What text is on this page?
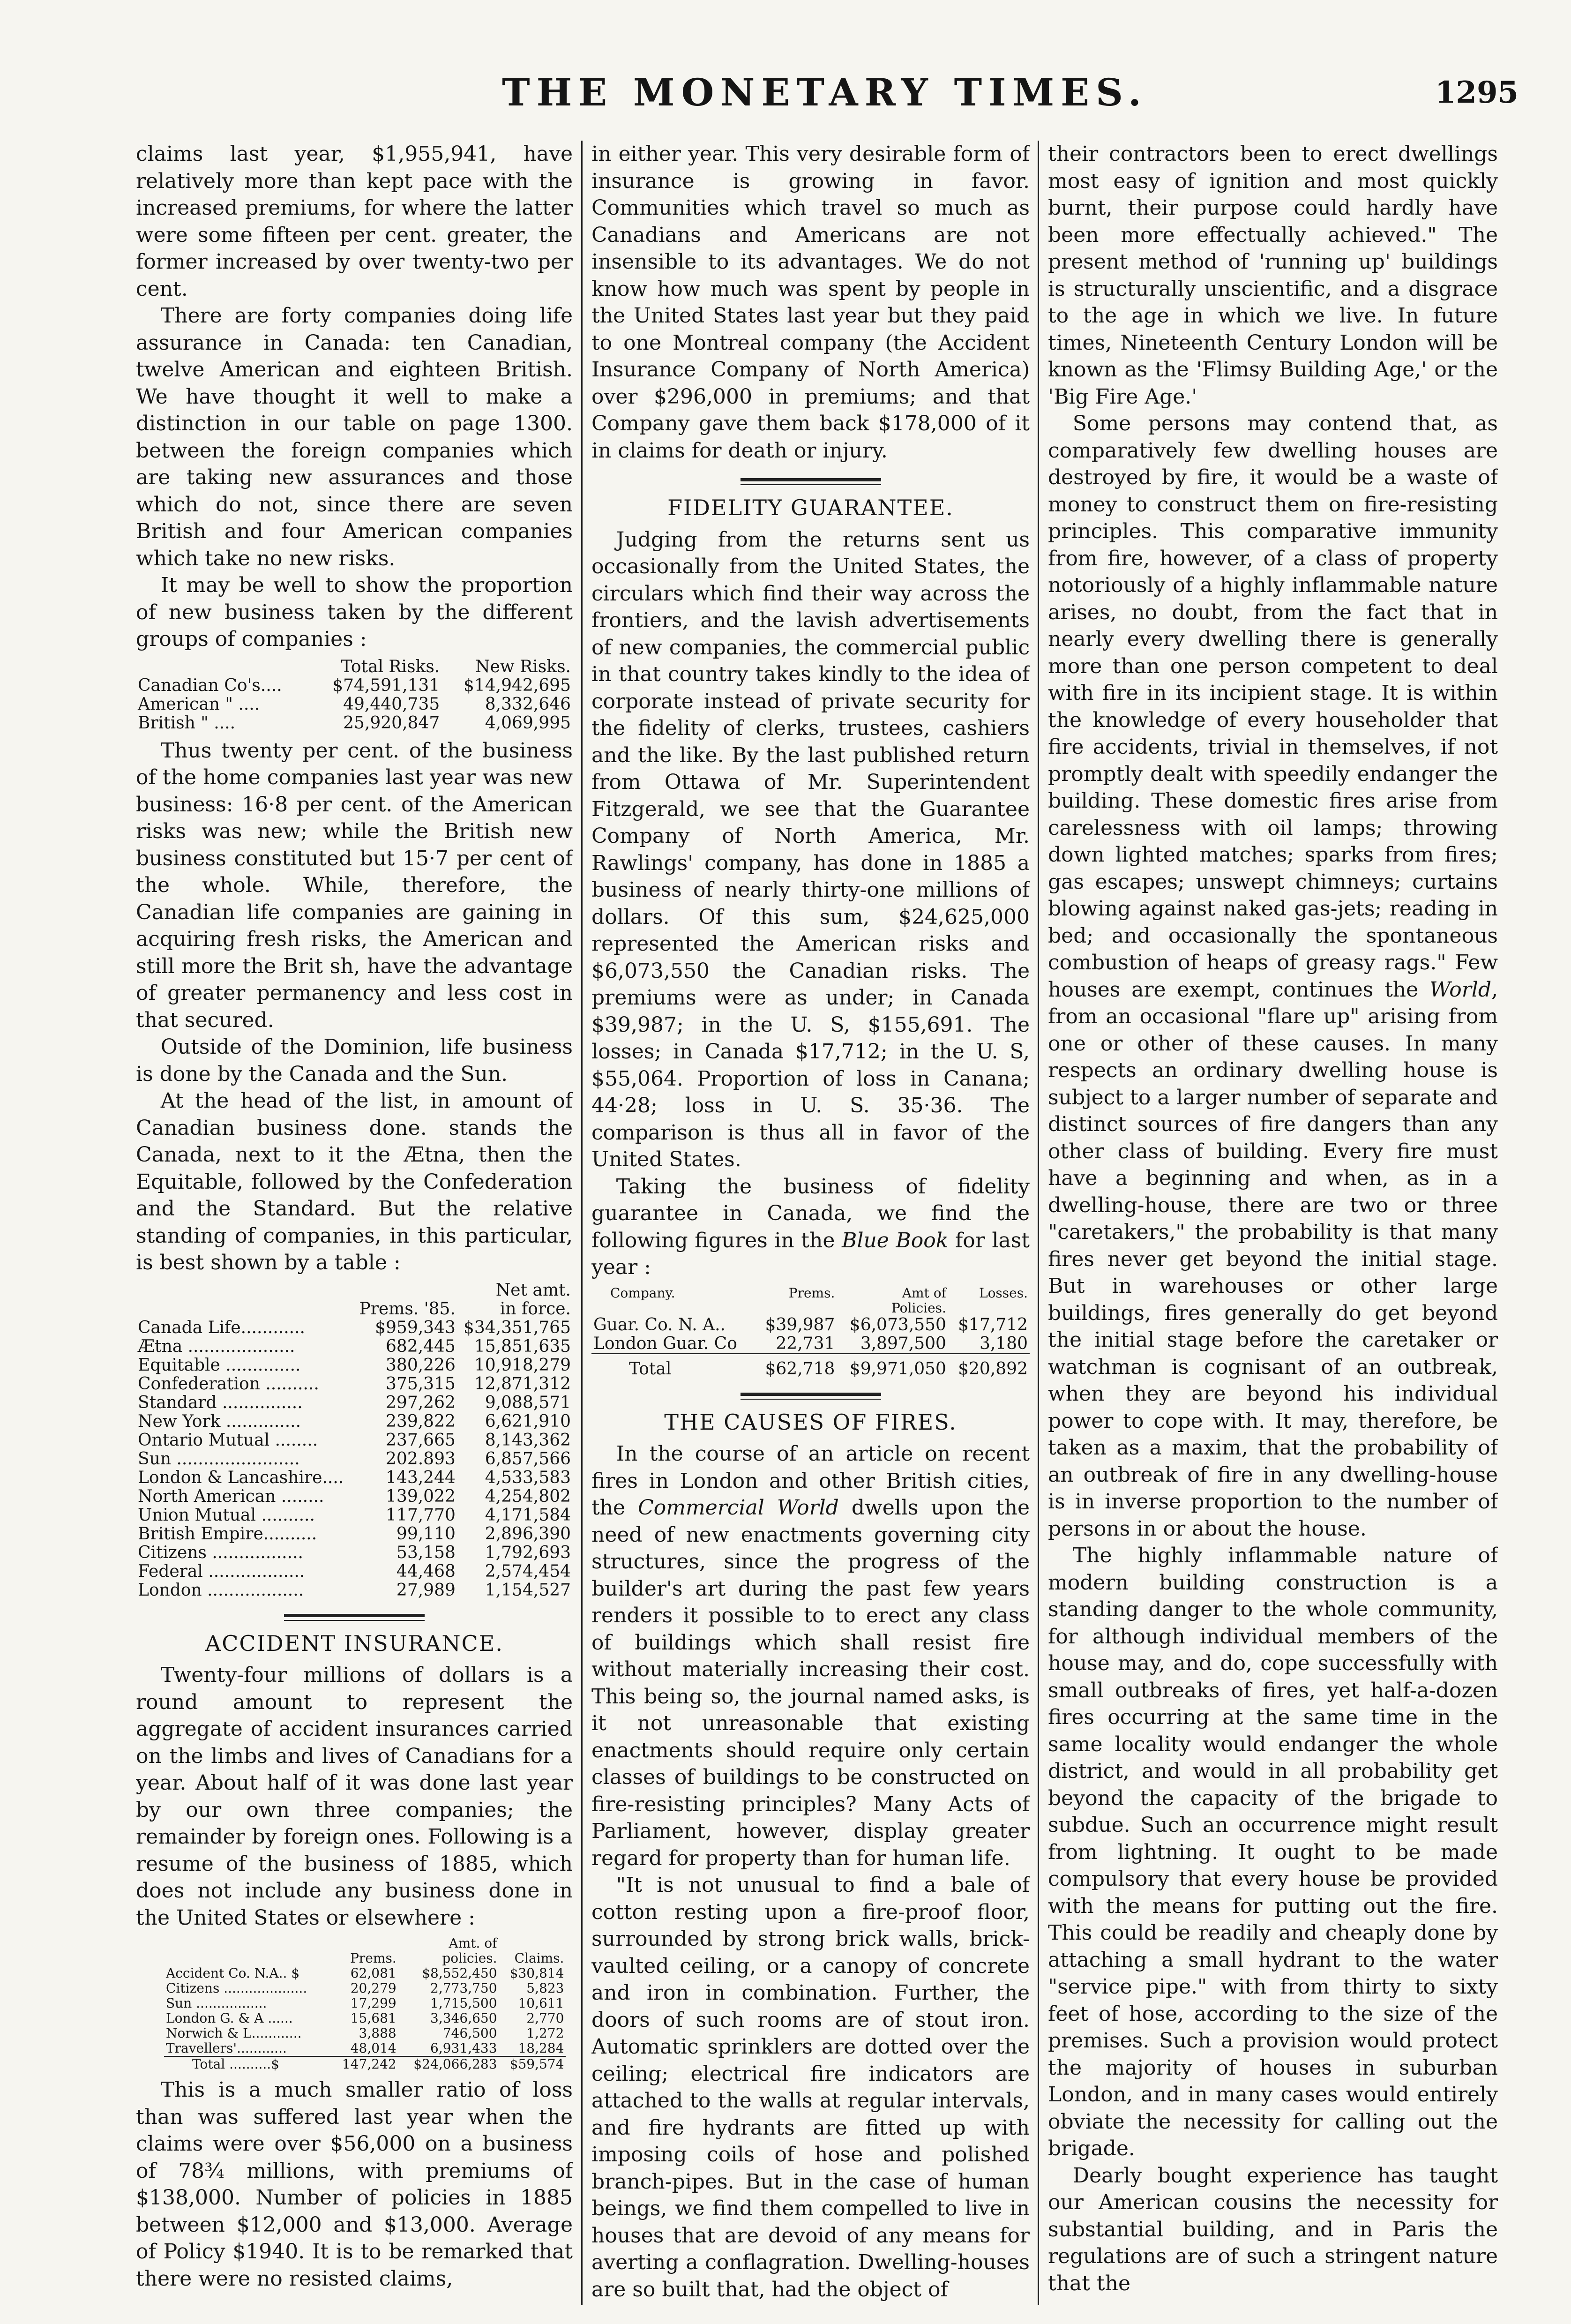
THE MONETARY TIMES.	1295

claims last year, $1,955,941, have relatively more than kept pace with the increased premiums, for where the latter were some fifteen per cent. greater, the former increased by over twenty-two per cent.

There are forty companies doing life assurance in Canada: ten Canadian, twelve American and eighteen British. We have thought it well to make a distinction in our table on page 1300. between the foreign companies which are taking new assurances and those which do not, since there are seven British and four American companies which take no new risks.

It may be well to show the proportion of new business taken by the different groups of companies :

	Total Risks.	New Risks.
Canadian Co's....	$74,591,131	$14,942,695
American " ....	49,440,735	8,332,646
British " ....	25,920,847	4,069,995

Thus twenty per cent. of the business of the home companies last year was new business: 16·8 per cent. of the American risks was new; while the British new business constituted but 15·7 per cent of the whole. While, therefore, the Canadian life companies are gaining in acquiring fresh risks, the American and still more the Brit sh, have the advantage of greater permanency and less cost in that secured.

Outside of the Dominion, life business is done by the Canada and the Sun.

At the head of the list, in amount of Canadian business done. stands the Canada, next to it the Ætna, then the Equitable, followed by the Confederation and the Standard. But the relative standing of companies, in this particular, is best shown by a table :

		Net amt.
	Prems. '85.	in force.
Canada Life............	$959,343	$34,351,765
Ætna ....................	682,445	15,851,635
Equitable ..............	380,226	10,918,279
Confederation ..........	375,315	12,871,312
Standard ...............	297,262	9,088,571
New York ..............	239,822	6,621,910
Ontario Mutual ........	237,665	8,143,362
Sun .......................	202.893	6,857,566
London & Lancashire....	143,244	4,533,583
North American ........	139,022	4,254,802
Union Mutual ..........	117,770	4,171,584
British Empire..........	99,110	2,896,390
Citizens .................	53,158	1,792,693
Federal ..................	44,468	2,574,454
London ..................	27,989	1,154,527
ACCIDENT INSURANCE.

Twenty-four millions of dollars is a round amount to represent the aggregate of accident insurances carried on the limbs and lives of Canadians for a year. About half of it was done last year by our own three companies; the remainder by foreign ones. Following is a resume of the business of 1885, which does not include any business done in the United States or elsewhere :

		Amt. of	
	Prems.	policies.	Claims.
Accident Co. N.A.. $	62,081	$8,552,450	$30,814
Citizens ....................	20,279	2,773,750	5,823
Sun .................	17,299	1,715,500	10,611
London G. & A ......	15,681	3,346,650	2,770
Norwich & L............	3,888	746,500	1,272
Travellers'............	48,014	6,931,433	18,284
Total ..........$	147,242	$24,066,283	$59,574

This is a much smaller ratio of loss than was suffered last year when the claims were over $56,000 on a business of 78¾ millions, with premiums of $138,000. Number of policies in 1885 between $12,000 and $13,000. Average of Policy $1940. It is to be remarked that there were no resisted claims,

in either year. This very desirable form of insurance is growing in favor. Communities which travel so much as Canadians and Americans are not insensible to its advantages. We do not know how much was spent by people in the United States last year but they paid to one Montreal company (the Accident Insurance Company of North America) over $296,000 in premiums; and that Company gave them back $178,000 of it in claims for death or injury.

FIDELITY GUARANTEE.

Judging from the returns sent us occasionally from the United States, the circulars which find their way across the frontiers, and the lavish advertisements of new companies, the commercial public in that country takes kindly to the idea of corporate instead of private security for the fidelity of clerks, trustees, cashiers and the like. By the last published return from Ottawa of Mr. Superintendent Fitzgerald, we see that the Guarantee Company of North America, Mr. Rawlings' company, has done in 1885 a business of nearly thirty-one millions of dollars. Of this sum, $24,625,000 represented the American risks and $6,073,550 the Canadian risks. The premiums were as under; in Canada $39,987; in the U. S, $155,691. The losses; in Canada $17,712; in the U. S, $55,064. Proportion of loss in Canana; 44·28; loss in U. S. 35·36. The comparison is thus all in favor of the United States.

Taking the business of fidelity guarantee in Canada, we find the following figures in the Blue Book for last year :

Company.	Prems.	Amt of	Losses.
		Policies.	
Guar. Co. N. A..	$39,987	$6,073,550	$17,712
London Guar. Co	22,731	3,897,500	3,180
Total	$62,718	$9,971,050	$20,892
THE CAUSES OF FIRES.

In the course of an article on recent fires in London and other British cities, the Commercial World dwells upon the need of new enactments governing city structures, since the progress of the builder's art during the past few years renders it possible to to erect any class of buildings which shall resist fire without materially increasing their cost. This being so, the journal named asks, is it not unreasonable that existing enactments should require only certain classes of buildings to be constructed on fire-resisting principles? Many Acts of Parliament, however, display greater regard for property than for human life.

"It is not unusual to find a bale of cotton resting upon a fire-proof floor, surrounded by strong brick walls, brick-vaulted ceiling, or a canopy of concrete and iron in combination. Further, the doors of such rooms are of stout iron. Automatic sprinklers are dotted over the ceiling; electrical fire indicators are attached to the walls at regular intervals, and fire hydrants are fitted up with imposing coils of hose and polished branch-pipes. But in the case of human beings, we find them compelled to live in houses that are devoid of any means for averting a conflagration. Dwelling-houses are so built that, had the object of

their contractors been to erect dwellings most easy of ignition and most quickly burnt, their purpose could hardly have been more effectually achieved." The present method of 'running up' buildings is structurally unscientific, and a disgrace to the age in which we live. In future times, Nineteenth Century London will be known as the 'Flimsy Building Age,' or the 'Big Fire Age.'

Some persons may contend that, as comparatively few dwelling houses are destroyed by fire, it would be a waste of money to construct them on fire-resisting principles. This comparative immunity from fire, however, of a class of property notoriously of a highly inflammable nature arises, no doubt, from the fact that in nearly every dwelling there is generally more than one person competent to deal with fire in its incipient stage. It is within the knowledge of every householder that fire accidents, trivial in themselves, if not promptly dealt with speedily endanger the building. These domestic fires arise from carelessness with oil lamps; throwing down lighted matches; sparks from fires; gas escapes; unswept chimneys; curtains blowing against naked gas-jets; reading in bed; and occasionally the spontaneous combustion of heaps of greasy rags." Few houses are exempt, continues the World, from an occasional "flare up" arising from one or other of these causes. In many respects an ordinary dwelling house is subject to a larger number of separate and distinct sources of fire dangers than any other class of building. Every fire must have a beginning and when, as in a dwelling-house, there are two or three "caretakers," the probability is that many fires never get beyond the initial stage. But in warehouses or other large buildings, fires generally do get beyond the initial stage before the caretaker or watchman is cognisant of an outbreak, when they are beyond his individual power to cope with. It may, therefore, be taken as a maxim, that the probability of an outbreak of fire in any dwelling-house is in inverse proportion to the number of persons in or about the house.

The highly inflammable nature of modern building construction is a standing danger to the whole community, for although individual members of the house may, and do, cope successfully with small outbreaks of fires, yet half-a-dozen fires occurring at the same time in the same locality would endanger the whole district, and would in all probability get beyond the capacity of the brigade to subdue. Such an occurrence might result from lightning. It ought to be made compulsory that every house be provided with the means for putting out the fire. This could be readily and cheaply done by attaching a small hydrant to the water "service pipe." with from thirty to sixty feet of hose, according to the size of the premises. Such a provision would protect the majority of houses in suburban London, and in many cases would entirely obviate the necessity for calling out the brigade.

Dearly bought experience has taught our American cousins the necessity for substantial building, and in Paris the regulations are of such a stringent nature that the
